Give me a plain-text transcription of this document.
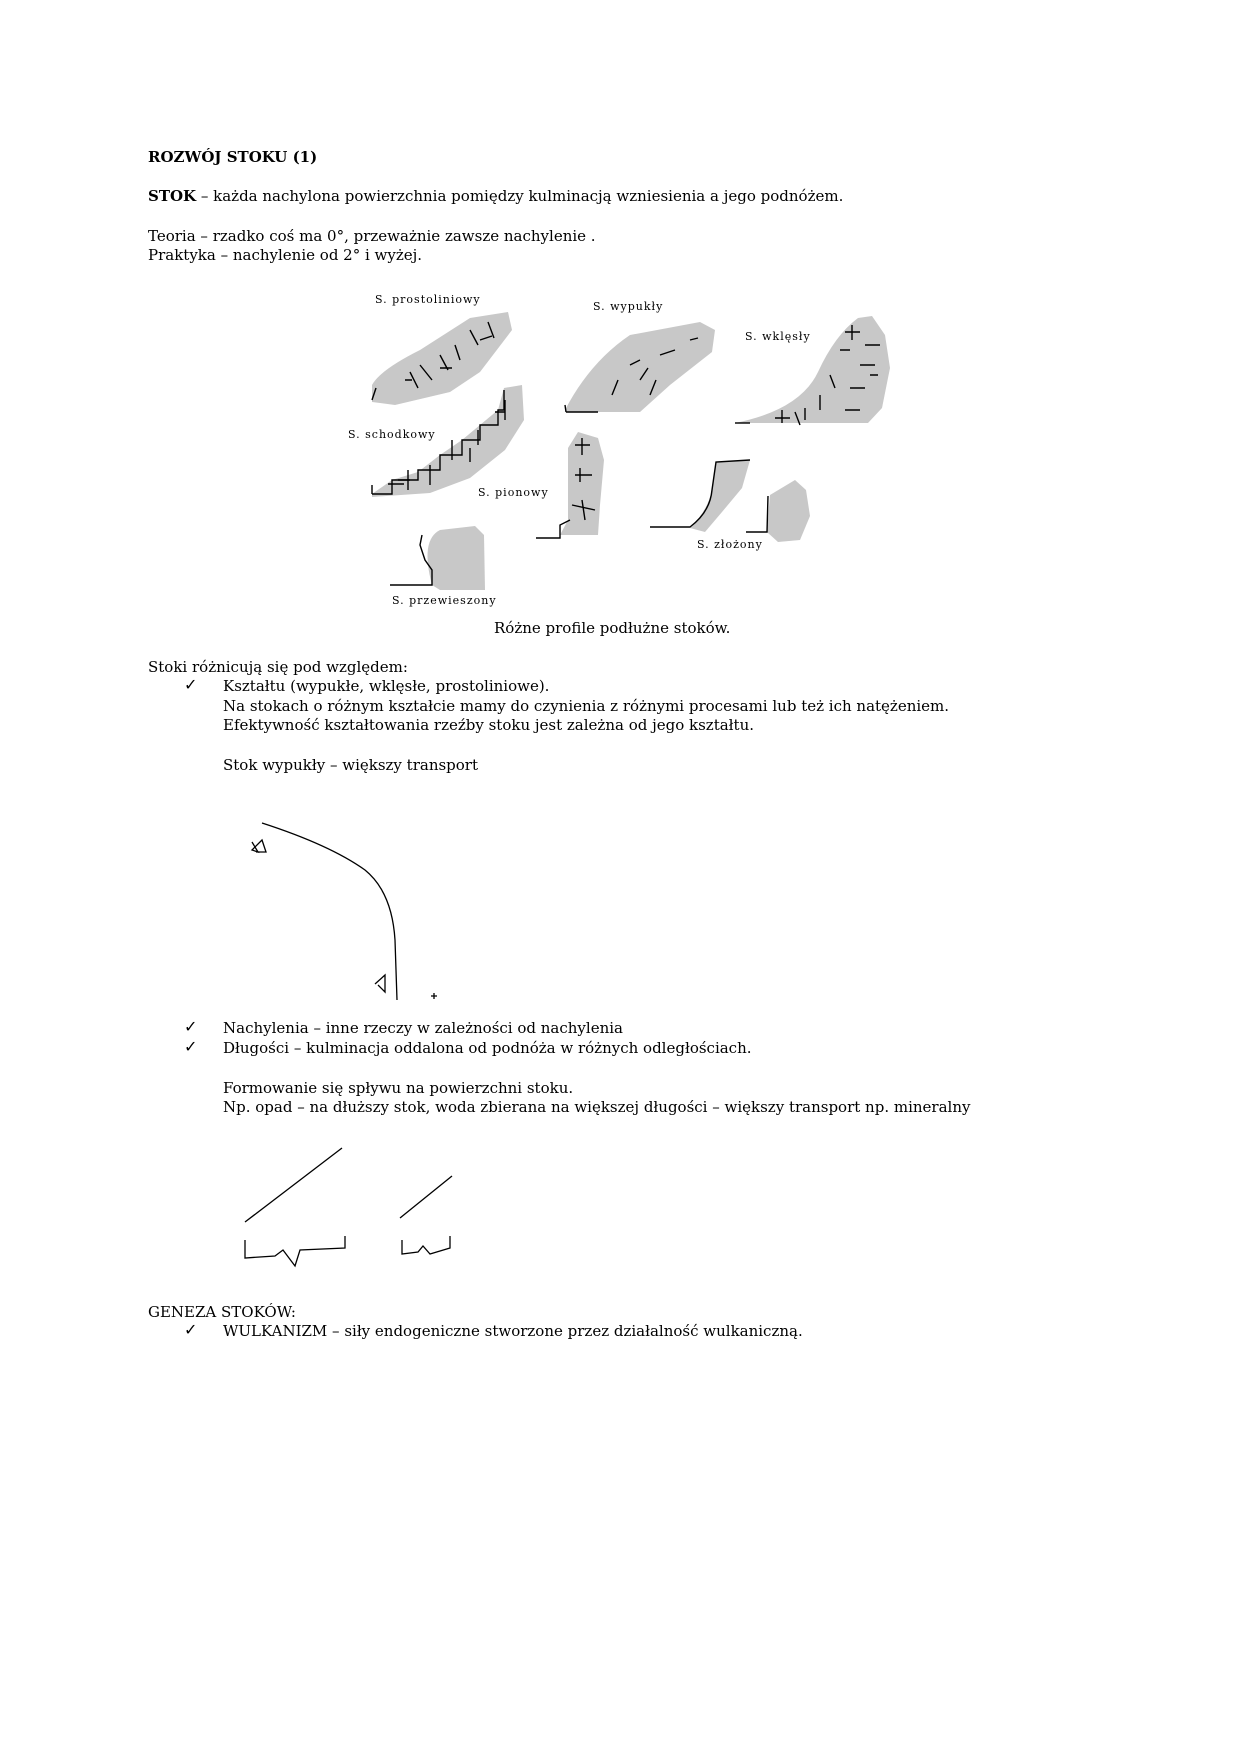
ROZWÓJ STOKU (1)
STOK – każda nachylona powierzchnia pomiędzy kulminacją wzniesienia a jego podnóżem.
Teoria – rzadko coś ma 0°, przeważnie zawsze nachylenie .
Praktyka – nachylenie od 2° i wyżej.
S. prostoliniowy
S. wypukły
S. wklęsły
S. schodkowy
S. pionowy
S. złożony
S. przewieszony
Różne profile podłużne stoków.
Stoki różnicują się pod względem:
✓ Kształtu (wypukłe, wklęsłe, prostoliniowe).
Na stokach o różnym kształcie mamy do czynienia z różnymi procesami lub też ich natężeniem.
Efektywność kształtowania rzeźby stoku jest zależna od jego kształtu.
Stok wypukły – większy transport
✓ Nachylenia – inne rzeczy w zależności od nachylenia
✓ Długości – kulminacja oddalona od podnóża w różnych odległościach.
Formowanie się spływu na powierzchni stoku.
Np. opad – na dłuższy stok, woda zbierana na większej długości – większy transport np. mineralny
GENEZA STOKÓW:
✓ WULKANIZM – siły endogeniczne stworzone przez działalność wulkaniczną.
